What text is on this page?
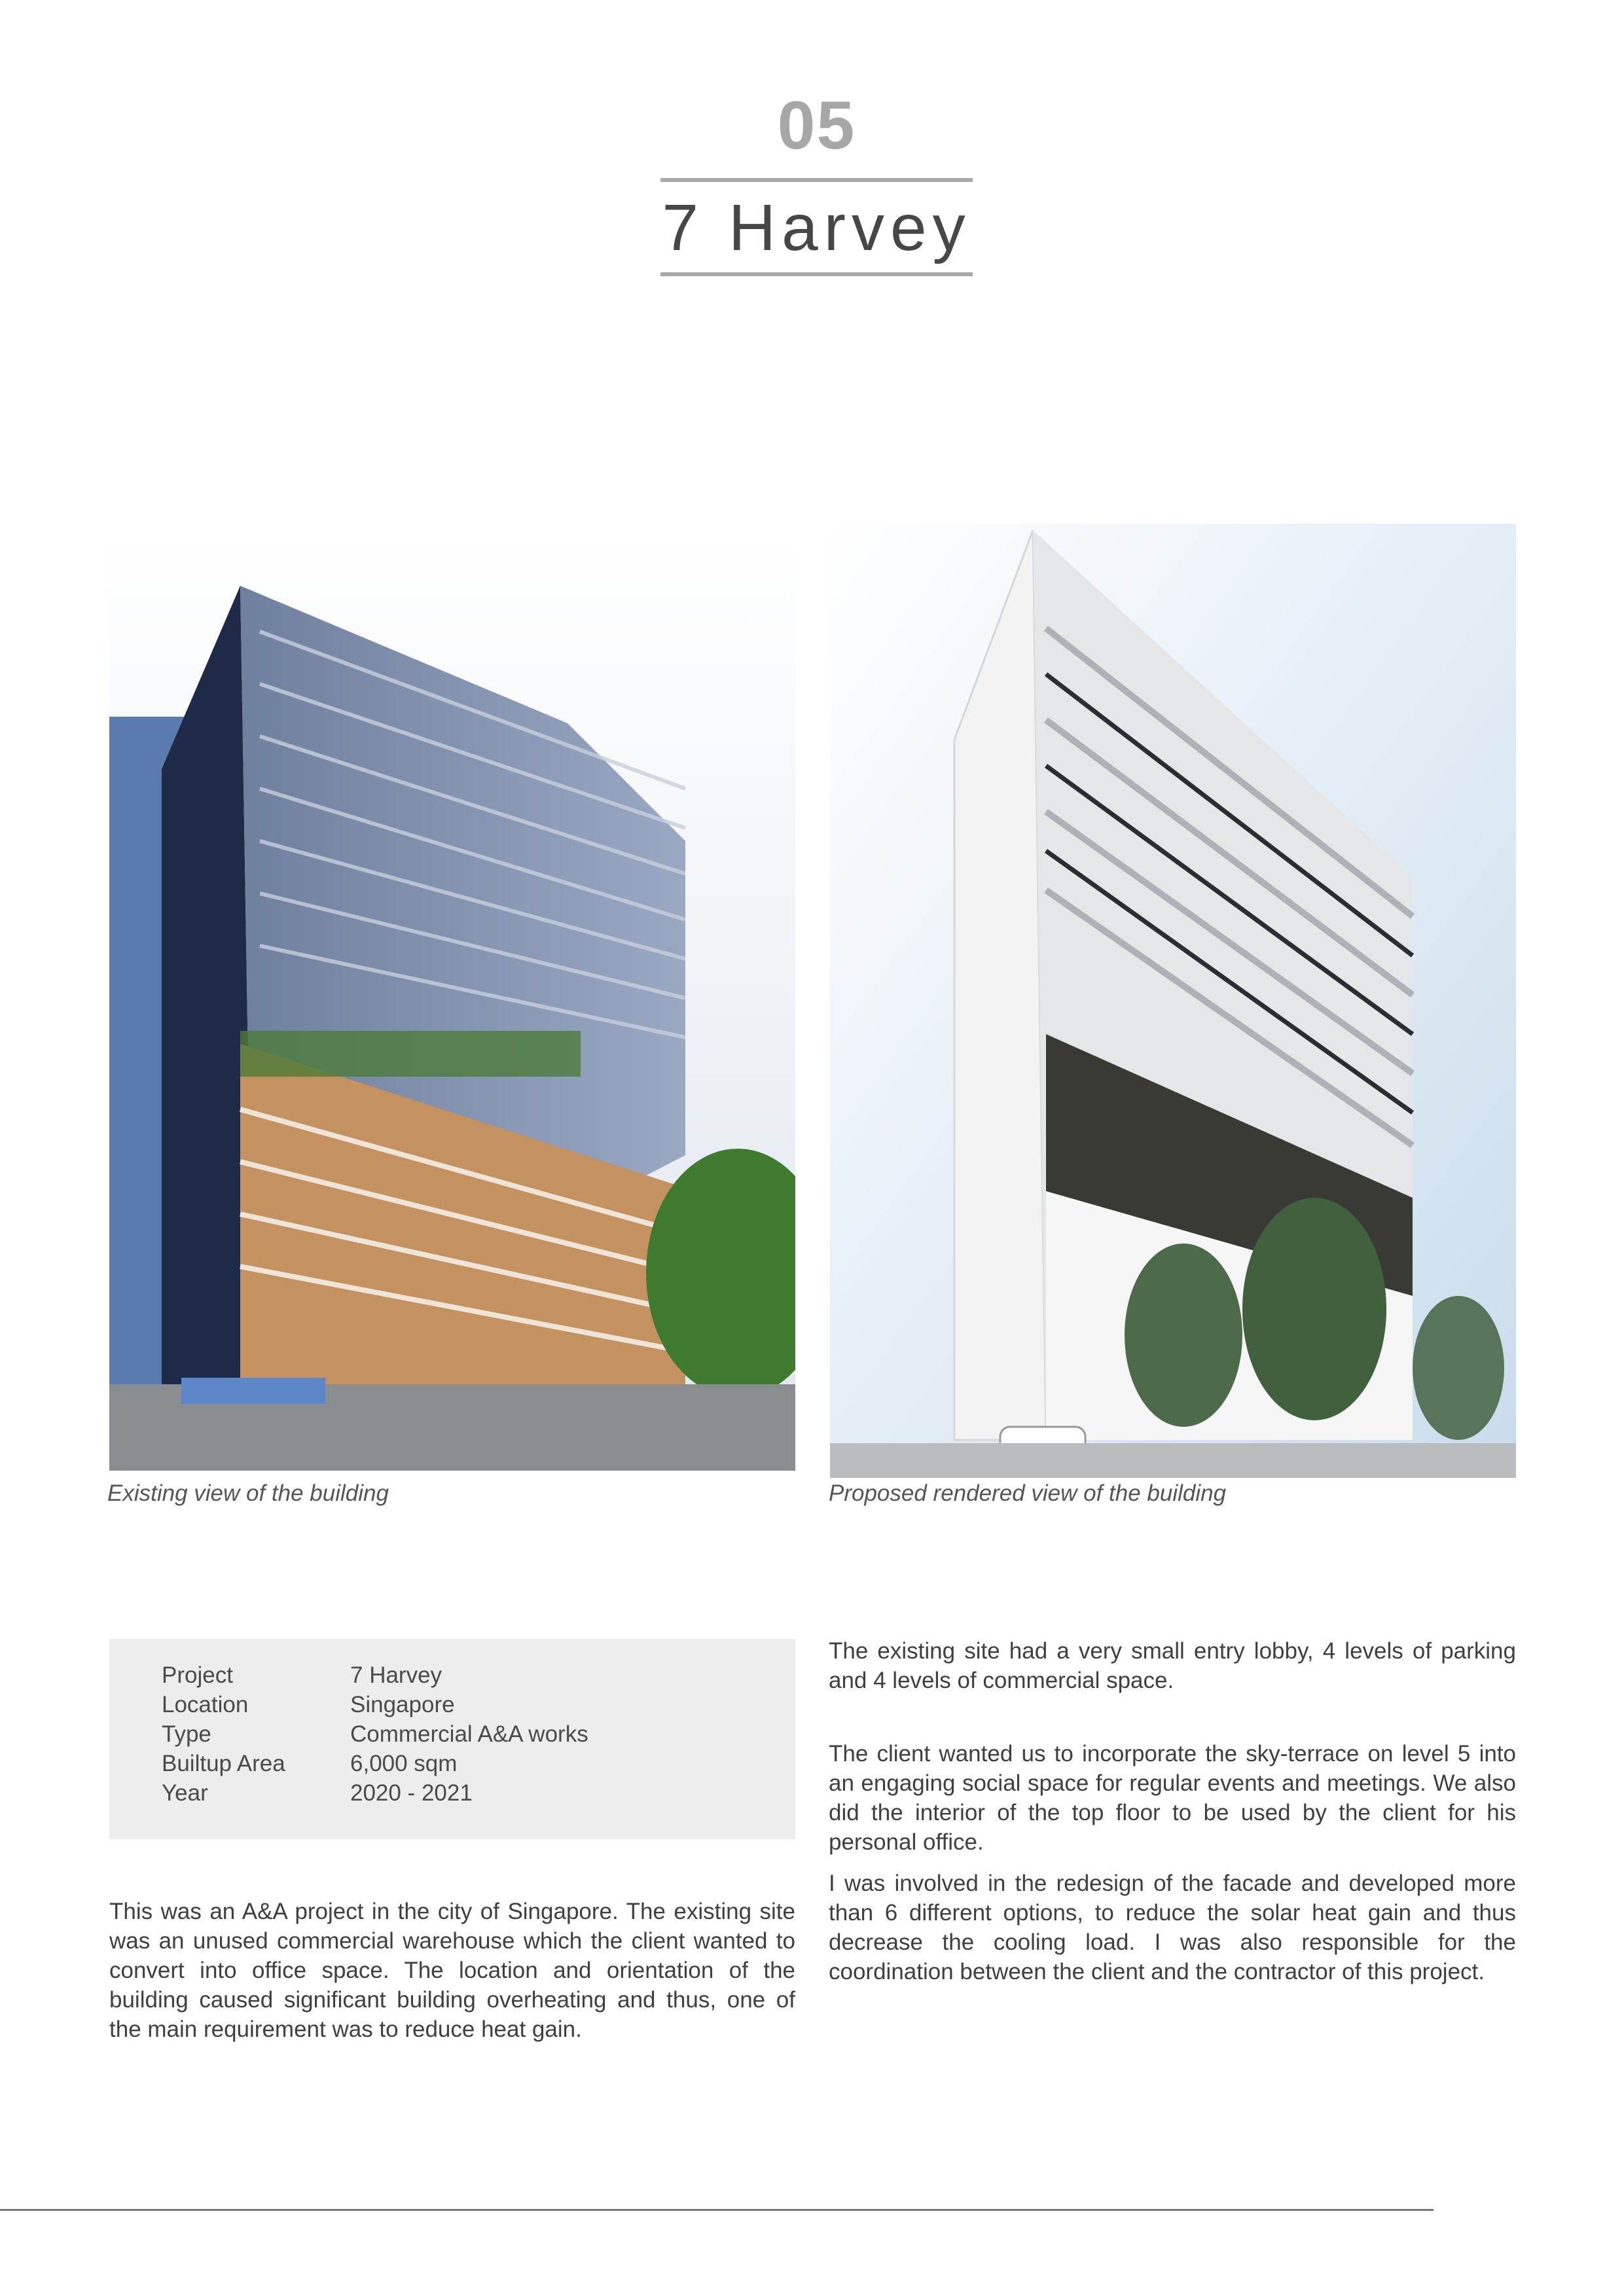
05
7 Harvey
Existing view of the building	Proposed rendered view of the building
Project	7 Harvey
Location	Singapore
Type	Commercial A&A works
Builtup Area	6,000 sqm
Year	2020 - 2021

This was an A&A project in the city of Singapore. The existing site was an unused commercial warehouse which the client wanted to convert into office space. The location and orientation of the building caused significant building overheating and thus, one of the main requirement was to reduce heat gain.

The existing site had a very small entry lobby, 4 levels of parking and 4 levels of commercial space.

The client wanted us to incorporate the sky-terrace on level 5 into an engaging social space for regular events and meetings. We also did the interior of the top floor to be used by the client for his personal office.

I was involved in the redesign of the facade and developed more than 6 different options, to reduce the solar heat gain and thus decrease the cooling load. I was also responsible for the coordination between the client and the contractor of this project.
